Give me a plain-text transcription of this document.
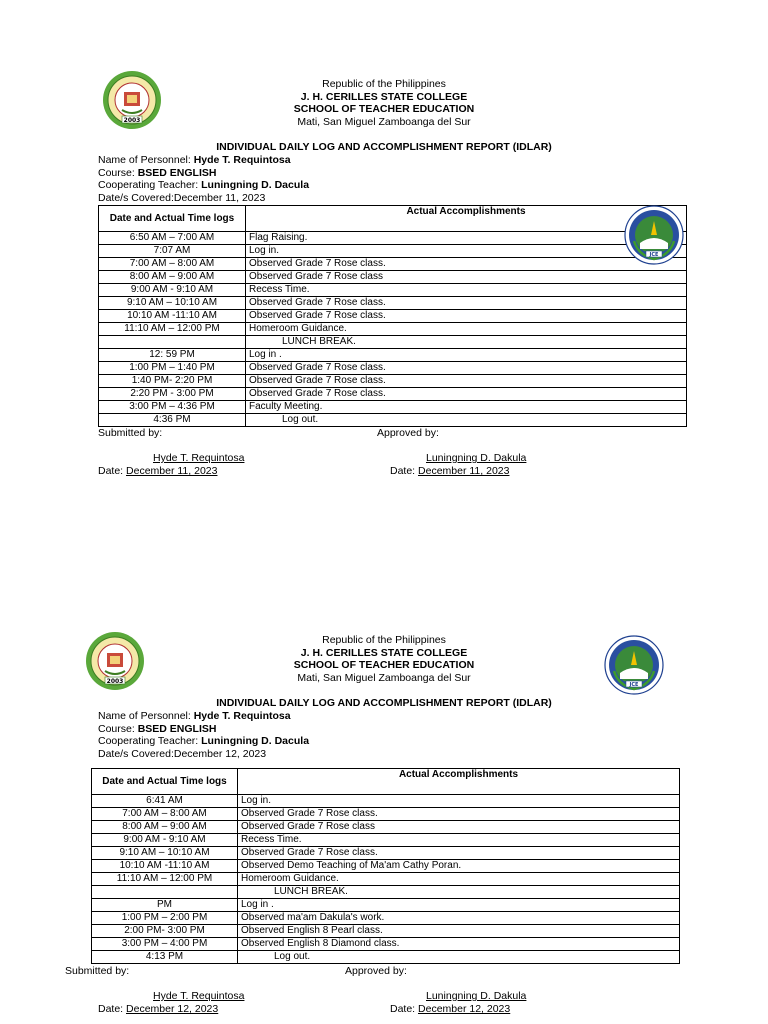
2003
Republic of the Philippines
J. H. CERILLES STATE COLLEGE
SCHOOL OF TEACHER EDUCATION
Mati, San Miguel Zamboanga del Sur
INDIVIDUAL DAILY LOG AND ACCOMPLISHMENT REPORT (IDLAR)
Name of Personnel: Hyde T. Requintosa
Course: BSED ENGLISH
Cooperating Teacher: Luningning D. Dacula
Date/s Covered:December 11, 2023
Date and Actual Time logs	Actual Accomplishments
6:50 AM – 7:00 AM	Flag Raising.
7:07 AM	Log in.
7:00 AM – 8:00 AM	Observed Grade 7 Rose class.
8:00 AM – 9:00 AM	Observed Grade 7 Rose class
9:00 AM - 9:10 AM	Recess Time.
9:10 AM – 10:10 AM	Observed Grade 7 Rose class.
10:10 AM -11:10 AM	Observed Grade 7 Rose class.
11:10 AM – 12:00 PM	Homeroom Guidance.
	LUNCH BREAK.
12: 59 PM	Log in .
1:00 PM – 1:40 PM	Observed Grade 7 Rose class.
1:40 PM- 2:20 PM	Observed Grade 7 Rose class.
2:20 PM - 3:00 PM	Observed Grade 7 Rose class.
3:00 PM – 4:36 PM	Faculty Meeting.
4:36 PM	Log out.
JCE
Submitted by:	Approved by:
Hyde T. Requintosa	Luningning D. Dakula
Date: December 11, 2023	Date: December 11, 2023
2003	JCE
Republic of the Philippines
J. H. CERILLES STATE COLLEGE
SCHOOL OF TEACHER EDUCATION
Mati, San Miguel Zamboanga del Sur
INDIVIDUAL DAILY LOG AND ACCOMPLISHMENT REPORT (IDLAR)
Name of Personnel: Hyde T. Requintosa
Course: BSED ENGLISH
Cooperating Teacher: Luningning D. Dacula
Date/s Covered:December 12, 2023
Date and Actual Time logs	Actual Accomplishments
6:41 AM	Log in.
7:00 AM – 8:00 AM	Observed Grade 7 Rose class.
8:00 AM – 9:00 AM	Observed Grade 7 Rose class
9:00 AM - 9:10 AM	Recess Time.
9:10 AM – 10:10 AM	Observed Grade 7 Rose class.
10:10 AM -11:10 AM	Observed Demo Teaching of Ma'am Cathy Poran.
11:10 AM – 12:00 PM	Homeroom Guidance.
	LUNCH BREAK.
PM	Log in .
1:00 PM – 2:00 PM	Observed ma'am Dakula's work.
2:00 PM- 3:00 PM	Observed English 8 Pearl class.
3:00 PM – 4:00 PM	Observed English 8 Diamond class.
4:13 PM	Log out.
Submitted by:	Approved by:
Hyde T. Requintosa	Luningning D. Dakula
Date: December 12, 2023	Date: December 12, 2023
